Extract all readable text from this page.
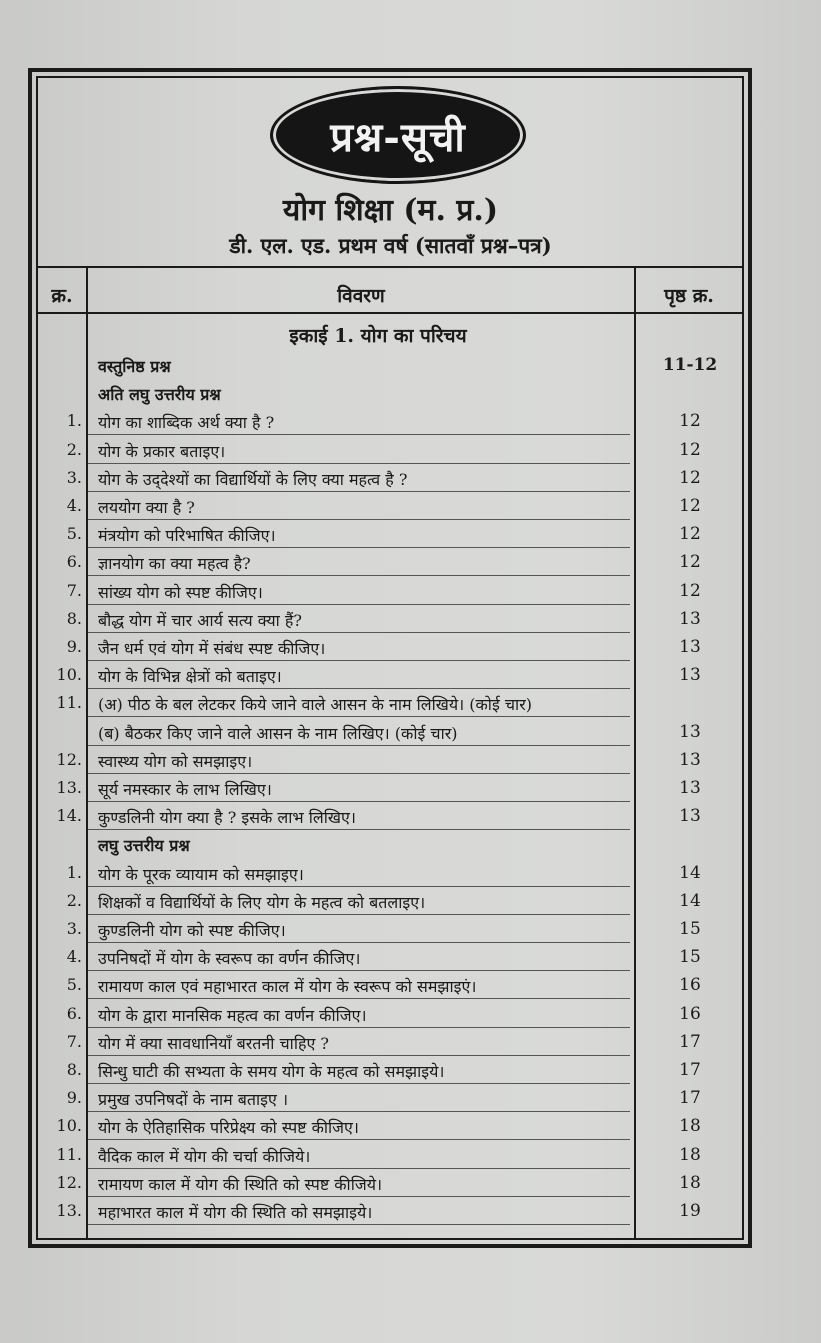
प्रश्न-सूची
योग शिक्षा (म. प्र.)
डी. एल. एड. प्रथम वर्ष (सातवाँ प्रश्न–पत्र)
क्र.	विवरण	पृष्ठ क्र.
इकाई 1. योग का परिचय
वस्तुनिष्ठ प्रश्न	11-12
अति लघु उत्तरीय प्रश्न
1. योग का शाब्दिक अर्थ क्या है ?	12
2. योग के प्रकार बताइए।	12
3. योग के उद्‌देश्यों का विद्यार्थियों के लिए क्या महत्व है ?	12
4. लययोग क्या है ?	12
5. मंत्रयोग को परिभाषित कीजिए।	12
6. ज्ञानयोग का क्या महत्व है?	12
7. सांख्य योग को स्पष्ट कीजिए।	12
8. बौद्ध योग में चार आर्य सत्य क्या हैं?	13
9. जैन धर्म एवं योग में संबंध स्पष्ट कीजिए।	13
10. योग के विभिन्न क्षेत्रों को बताइए।	13
11. (अ) पीठ के बल लेटकर किये जाने वाले आसन के नाम लिखिये। (कोई चार)
(ब) बैठकर किए जाने वाले आसन के नाम लिखिए। (कोई चार)	13
12. स्वास्थ्य योग को समझाइए।	13
13. सूर्य नमस्कार के लाभ लिखिए।	13
14. कुण्डलिनी योग क्या है ? इसके लाभ लिखिए।	13
लघु उत्तरीय प्रश्न
1. योग के पूरक व्यायाम को समझाइए।	14
2. शिक्षकों व विद्यार्थियों के लिए योग के महत्व को बतलाइए।	14
3. कुण्डलिनी योग को स्पष्ट कीजिए।	15
4. उपनिषदों में योग के स्वरूप का वर्णन कीजिए।	15
5. रामायण काल एवं महाभारत काल में योग के स्वरूप को समझाइएं।	16
6. योग के द्वारा मानसिक महत्व का वर्णन कीजिए।	16
7. योग में क्या सावधानियाँ बरतनी चाहिए ?	17
8. सिन्धु घाटी की सभ्यता के समय योग के महत्व को समझाइये।	17
9. प्रमुख उपनिषदों के नाम बताइए ।	17
10. योग के ऐतिहासिक परिप्रेक्ष्य को स्पष्ट कीजिए।	18
11. वैदिक काल में योग की चर्चा कीजिये।	18
12. रामायण काल में योग की स्थिति को स्पष्ट कीजिये।	18
13. महाभारत काल में योग की स्थिति को समझाइये।	19
